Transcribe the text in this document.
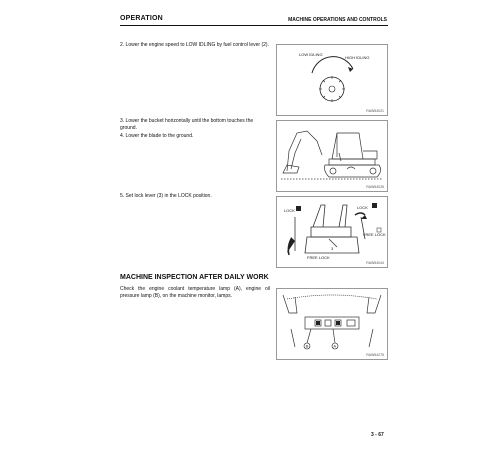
OPERATION	MACHINE OPERATIONS AND CONTROLS
2. Lower the engine speed to LOW IDLING by fuel control lever (2).
3. Lower the bucket horizontally until the bottom touches the ground.
4. Lower the blade to the ground.
5. Set lock lever (3) in the LOCK position.
LOW IDLING
HIGH IDLING
RAW54021
RAW54025
LOCK
LOCK
FREE LOCK
FREE LOCK
3
RAW54044
MACHINE INSPECTION AFTER DAILY WORK
Check the engine coolant temperature lamp (A), engine oil pressure lamp (B), on the machine monitor, lamps.
B	A
RAW54275
3 - 67
